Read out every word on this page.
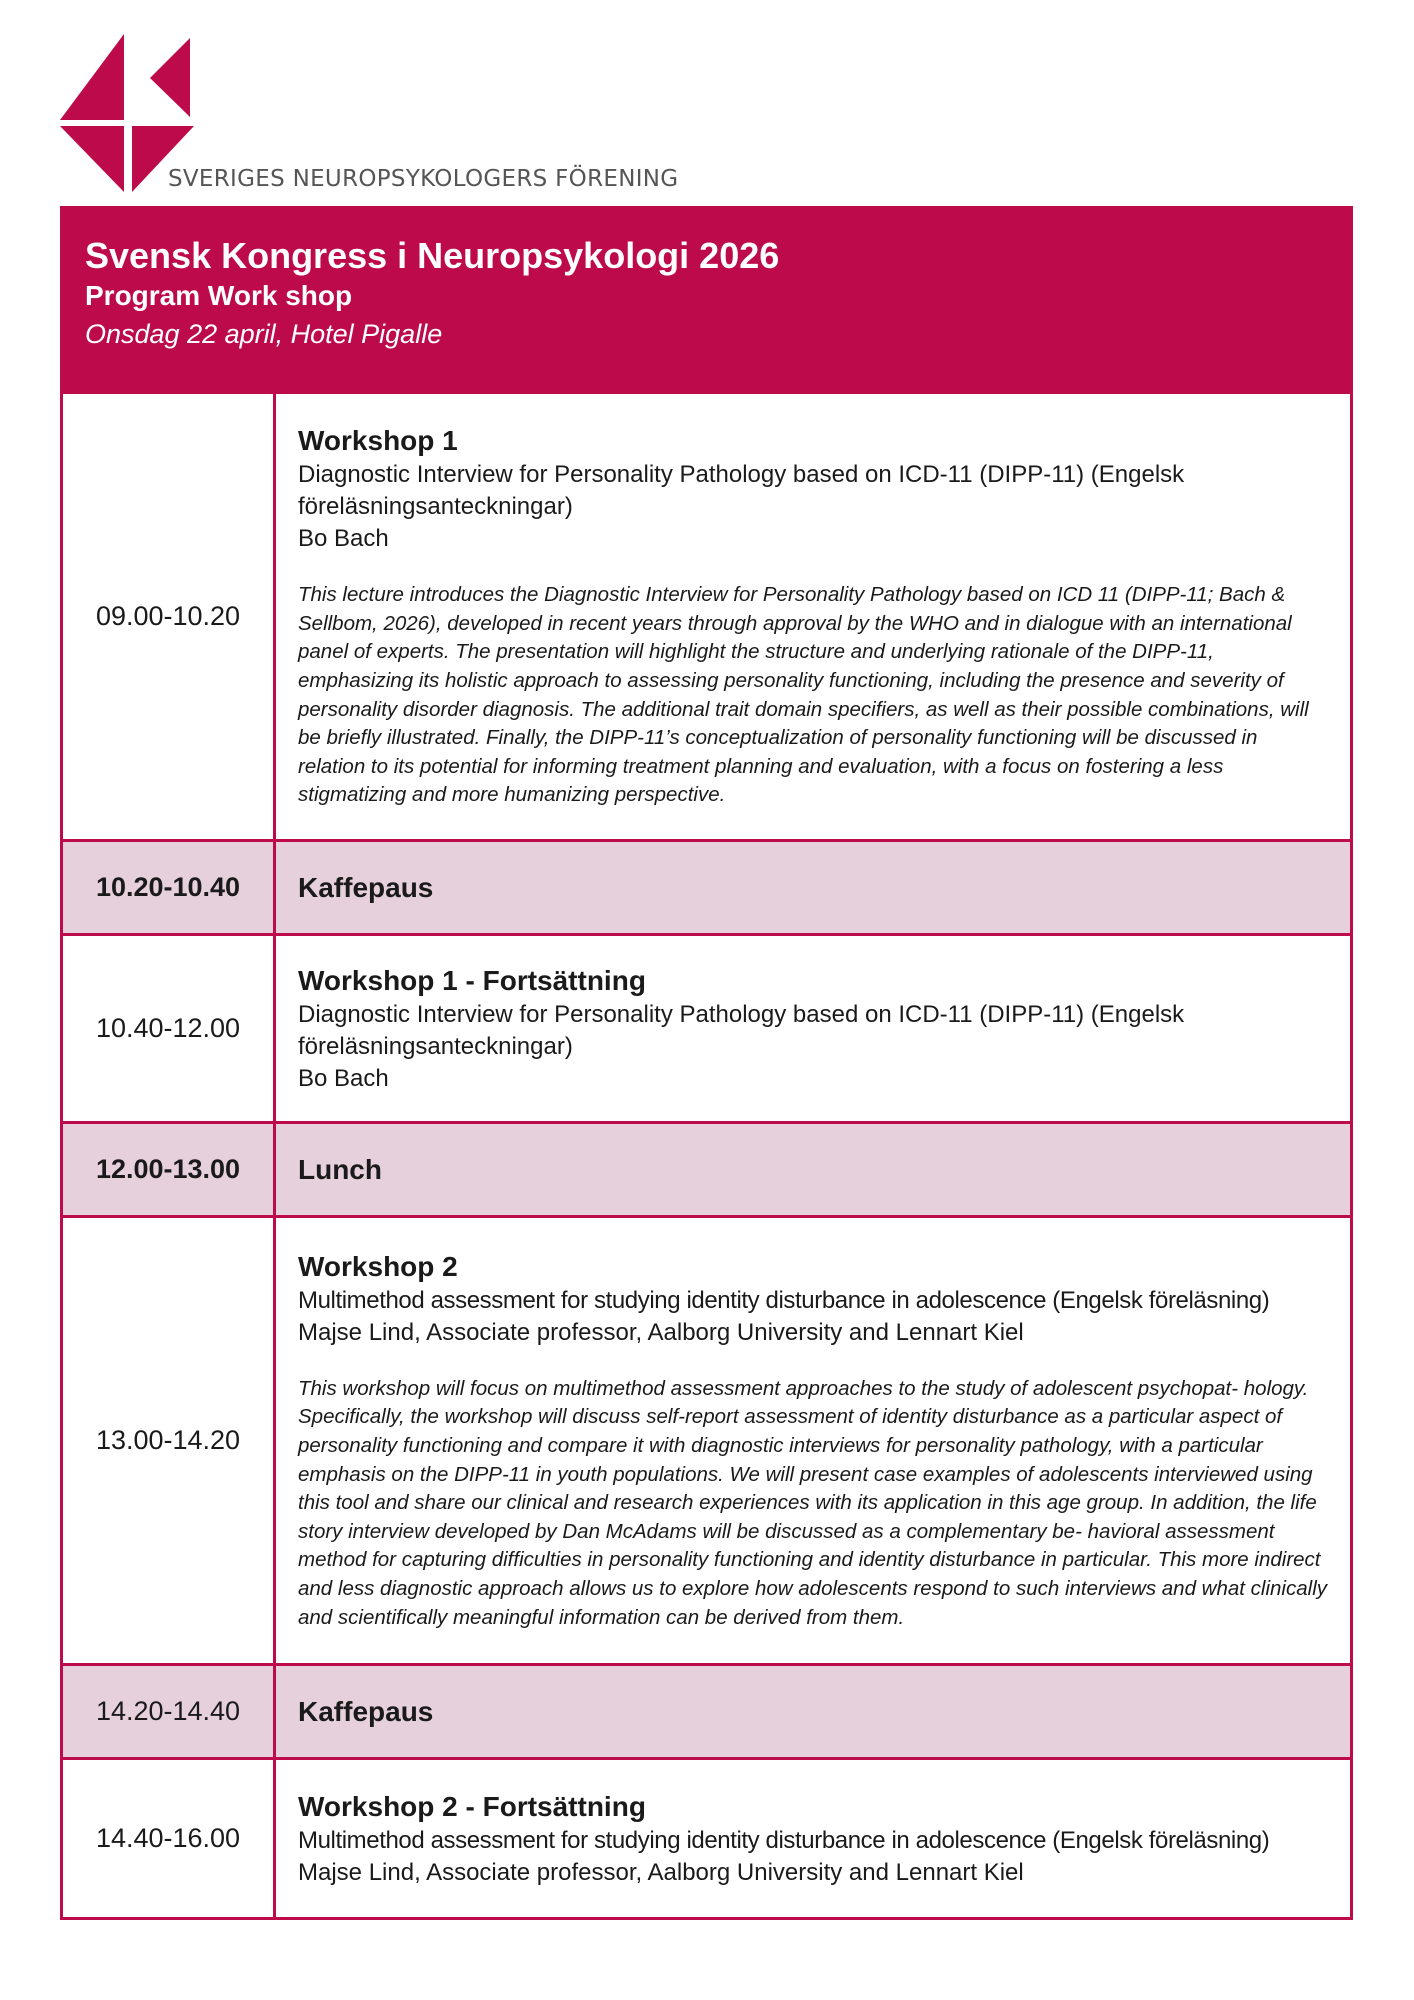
SVERIGES NEUROPSYKOLOGERS FÖRENING
Svensk Kongress i Neuropsykologi 2026
Program Work shop
Onsdag 22 april, Hotel Pigalle
09.00-10.20	Workshop 1
Diagnostic Interview for Personality Pathology based on ICD-11 (DIPP-11) (Engelsk föreläsningsanteckningar)
Bo Bach
This lecture introduces the Diagnostic Interview for Personality Pathology based on ICD 11 (DIPP-11; Bach & Sellbom, 2026), developed in recent years through approval by the WHO and in dialogue with an international panel of experts. The presentation will highlight the structure and underlying rationale of the DIPP-11, emphasizing its holistic approach to assessing personality functioning, including the presence and severity of personality disorder diagnosis. The additional trait domain specifiers, as well as their possible combinations, will be briefly illustrated. Finally, the DIPP-11’s conceptualization of personality functioning will be discussed in relation to its potential for informing treatment planning and evaluation, with a focus on fostering a less stigmatizing and more humanizing perspective.

10.20-10.40	Kaffepaus
10.40-12.00	Workshop 1 - Fortsättning
Diagnostic Interview for Personality Pathology based on ICD-11 (DIPP-11) (Engelsk föreläsningsanteckningar)
Bo Bach

12.00-13.00	Lunch
13.00-14.20	Workshop 2
Multimethod assessment for studying identity disturbance in adolescence (Engelsk föreläsning)
Majse Lind, Associate professor, Aalborg University and Lennart Kiel
This workshop will focus on multimethod assessment approaches to the study of adolescent psychopat- hology. Specifically, the workshop will discuss self-report assessment of identity disturbance as a particular aspect of personality functioning and compare it with diagnostic interviews for personality pathology, with a particular emphasis on the DIPP-11 in youth populations. We will present case examples of adolescents interviewed using this tool and share our clinical and research experiences with its application in this age group. In addition, the life story interview developed by Dan McAdams will be discussed as a complementary be- havioral assessment method for capturing difficulties in personality functioning and identity disturbance in particular. This more indirect and less diagnostic approach allows us to explore how adolescents respond to such interviews and what clinically and scientifically meaningful information can be derived from them.

14.20-14.40	Kaffepaus
14.40-16.00	Workshop 2 - Fortsättning
Multimethod assessment for studying identity disturbance in adolescence (Engelsk föreläsning)
Majse Lind, Associate professor, Aalborg University and Lennart Kiel
